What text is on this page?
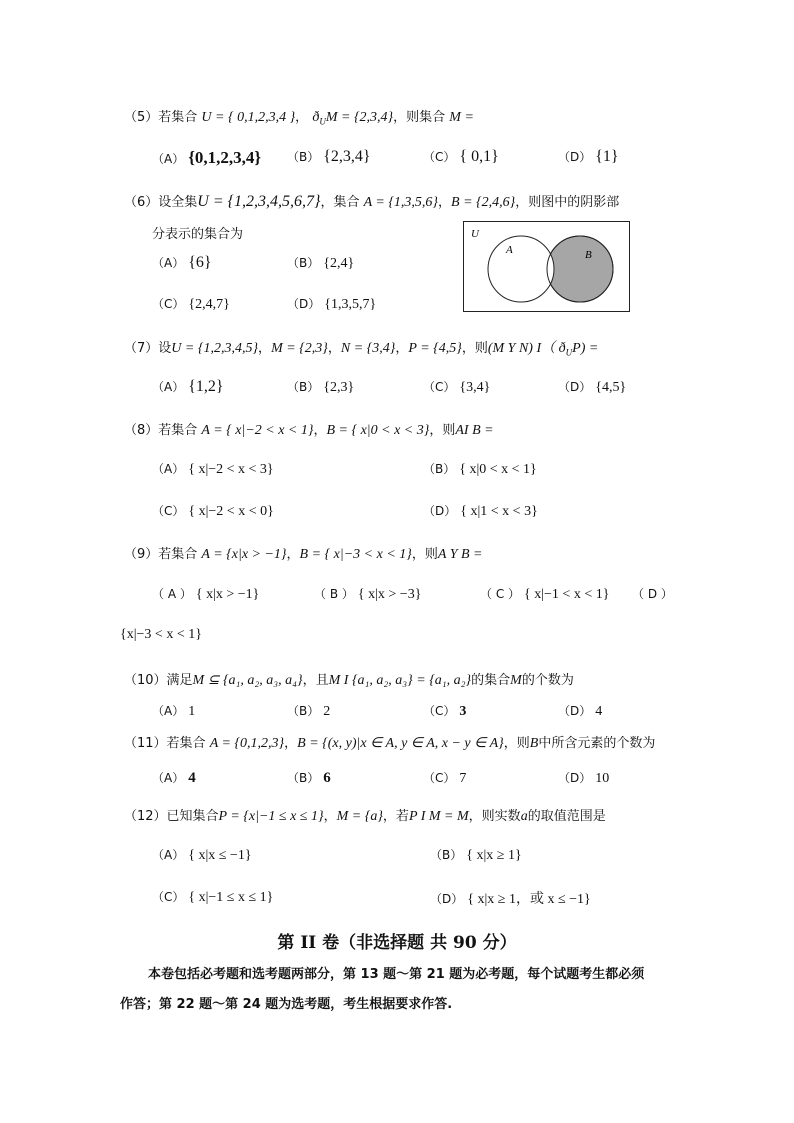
（5）若集合 U = { 0,1,2,3,4 }， $ð_UM = \{2,3,4\}$，则集合 M =
（A） {0,1,2,3,4} （B） {2,3,4}	（C） { 0,1}	（D） {1}
（6）设全集U = {1,2,3,4,5,6,7}，集合 A = {1,3,5,6}，B = {2,4,6}，则图中的阴影部
分表示的集合为
（A） {6}	（B） {2,4}
（C） {2,4,7}	（D） {1,3,5,7}
U
A	B
（7）设U = {1,2,3,4,5}，M = {2,3}，N = {3,4}，P = {4,5}，则(M Y N) I（ $ð_UP$) =
（A） {1,2}	（B） {2,3}	（C） {3,4}	（D） {4,5}
（8）若集合 A = { x|−2 < x < 1}，B = { x|0 < x < 3}，则AI B =
（A） { x|−2 < x < 3}	（B） { x|0 < x < 1}
（C） { x|−2 < x < 0}	（D） { x|1 < x < 3}
（9）若集合 A = {x|x > −1}，B = { x|−3 < x < 1}，则A Y B =
（ A ） { x|x > −1}	（ B ） { x|x > −3}	（ C ） { x|−1 < x < 1} （ D ）
{x|−3 < x < 1}
（10）满足M ⊆ {a₁, a₂, a₃, a₄}，且M I {a₁, a₂, a₃} = {a₁, a₂}的集合M的个数为
（A） 1	（B） 2	（C） 3	（D） 4
（11）若集合 A = {0,1,2,3}，B = {(x, y)|x ∈ A, y ∈ A, x − y ∈ A}，则B中所含元素的个数为
（A） 4	（B） 6	（C） 7	（D） 10
（12）已知集合P = {x|−1 ≤ x ≤ 1}，M = {a}，若P I M = M，则实数a的取值范围是
（A） { x|x ≤ −1}	（B） { x|x ≥ 1}
（C） { x|−1 ≤ x ≤ 1}	（D） { x|x ≥ 1，或 x ≤ −1}
第 II 卷（非选择题 共 90 分）
本卷包括必考题和选考题两部分，第 13 题～第 21 题为必考题，每个试题考生都必须
作答；第 22 题～第 24 题为选考题，考生根据要求作答.
